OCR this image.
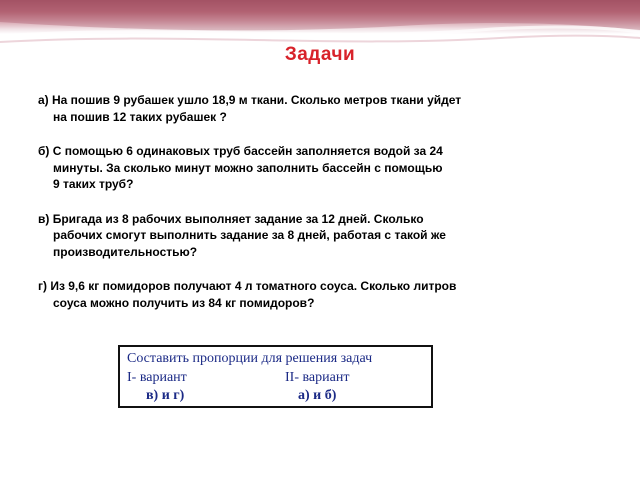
Задачи
а) На пошив 9 рубашек ушло 18,9 м ткани. Сколько метров ткани уйдет
на пошив 12 таких рубашек ?
б) С помощью 6 одинаковых труб бассейн заполняется водой за 24
минуты. За сколько минут можно заполнить бассейн с помощью
9 таких труб?
в) Бригада из 8 рабочих выполняет задание за 12 дней. Сколько
рабочих смогут выполнить задание за 8 дней, работая с такой же
производительностью?
г) Из 9,6 кг помидоров получают 4 л томатного соуса. Сколько литров
соуса можно получить из 84 кг помидоров?
Составить пропорции для решения задач
I- вариант	II- вариант
в) и г)	а) и б)
